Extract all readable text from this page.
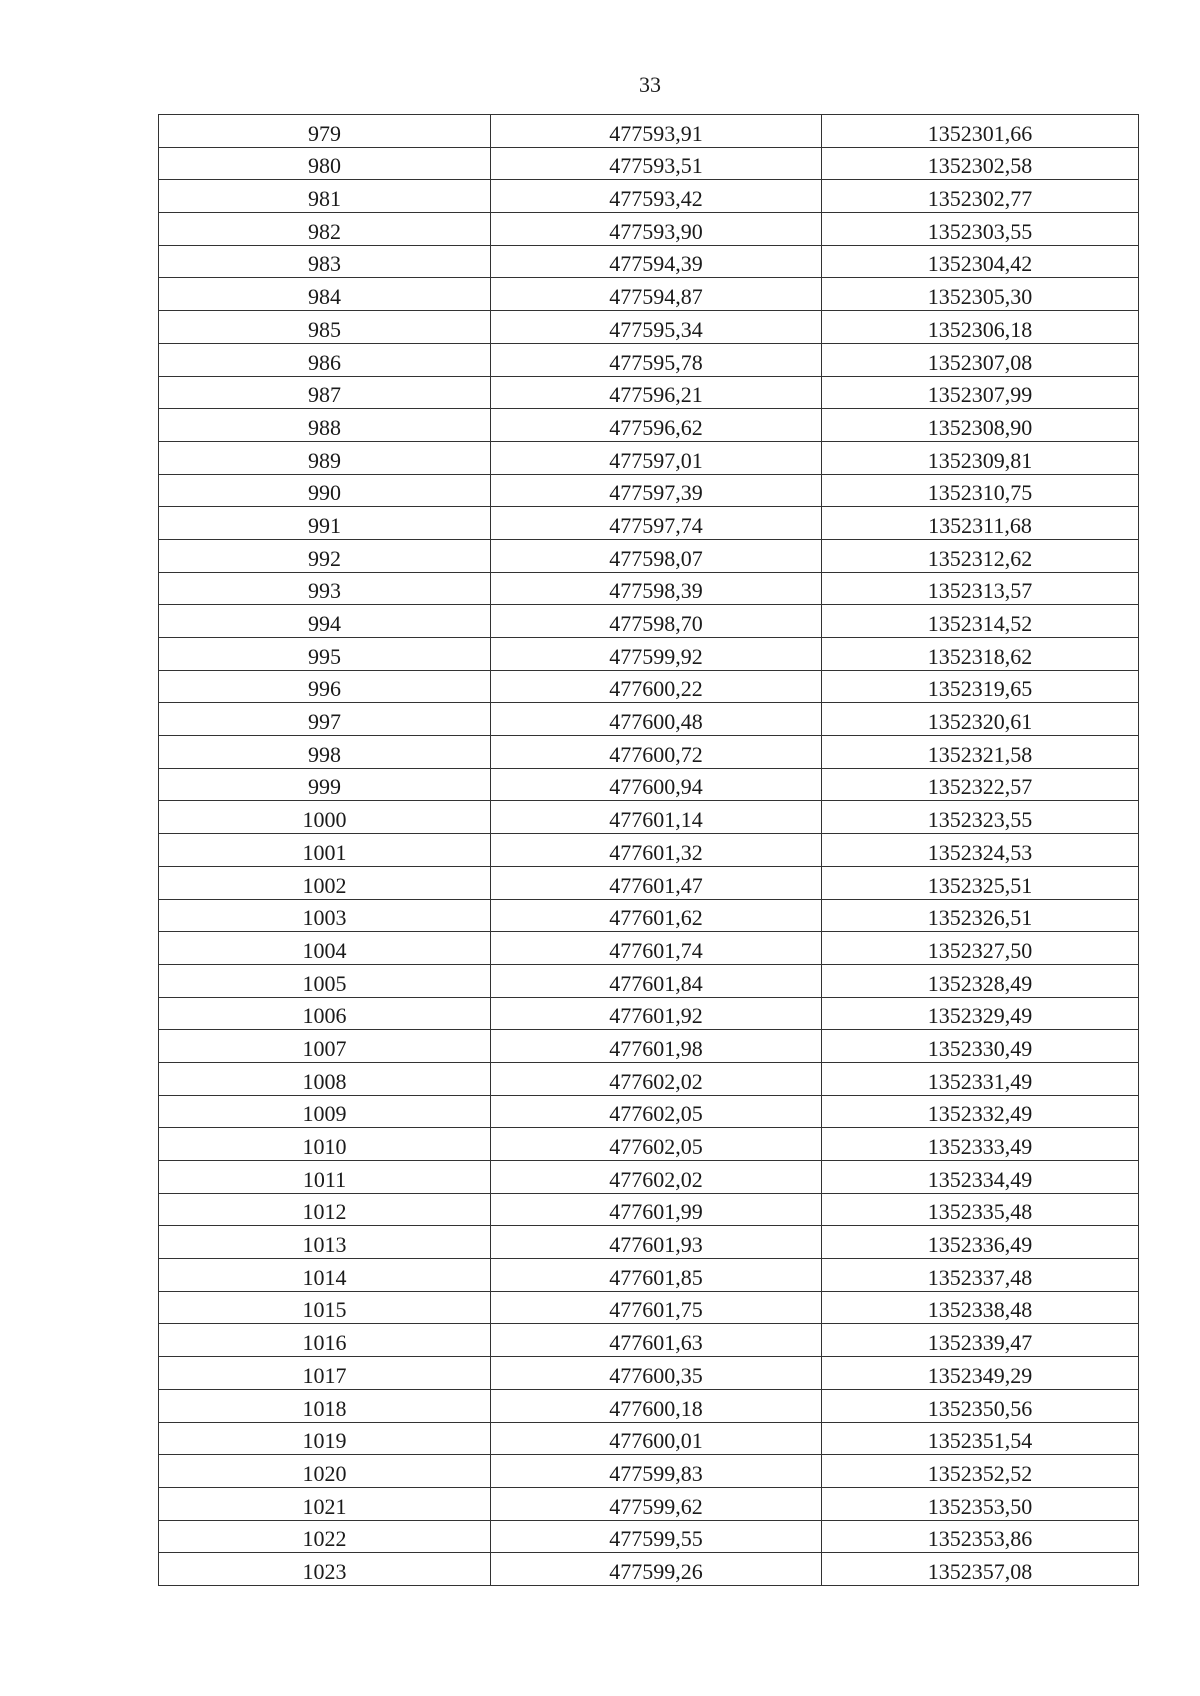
33
979	477593,91	1352301,66
980	477593,51	1352302,58
981	477593,42	1352302,77
982	477593,90	1352303,55
983	477594,39	1352304,42
984	477594,87	1352305,30
985	477595,34	1352306,18
986	477595,78	1352307,08
987	477596,21	1352307,99
988	477596,62	1352308,90
989	477597,01	1352309,81
990	477597,39	1352310,75
991	477597,74	1352311,68
992	477598,07	1352312,62
993	477598,39	1352313,57
994	477598,70	1352314,52
995	477599,92	1352318,62
996	477600,22	1352319,65
997	477600,48	1352320,61
998	477600,72	1352321,58
999	477600,94	1352322,57
1000	477601,14	1352323,55
1001	477601,32	1352324,53
1002	477601,47	1352325,51
1003	477601,62	1352326,51
1004	477601,74	1352327,50
1005	477601,84	1352328,49
1006	477601,92	1352329,49
1007	477601,98	1352330,49
1008	477602,02	1352331,49
1009	477602,05	1352332,49
1010	477602,05	1352333,49
1011	477602,02	1352334,49
1012	477601,99	1352335,48
1013	477601,93	1352336,49
1014	477601,85	1352337,48
1015	477601,75	1352338,48
1016	477601,63	1352339,47
1017	477600,35	1352349,29
1018	477600,18	1352350,56
1019	477600,01	1352351,54
1020	477599,83	1352352,52
1021	477599,62	1352353,50
1022	477599,55	1352353,86
1023	477599,26	1352357,08
